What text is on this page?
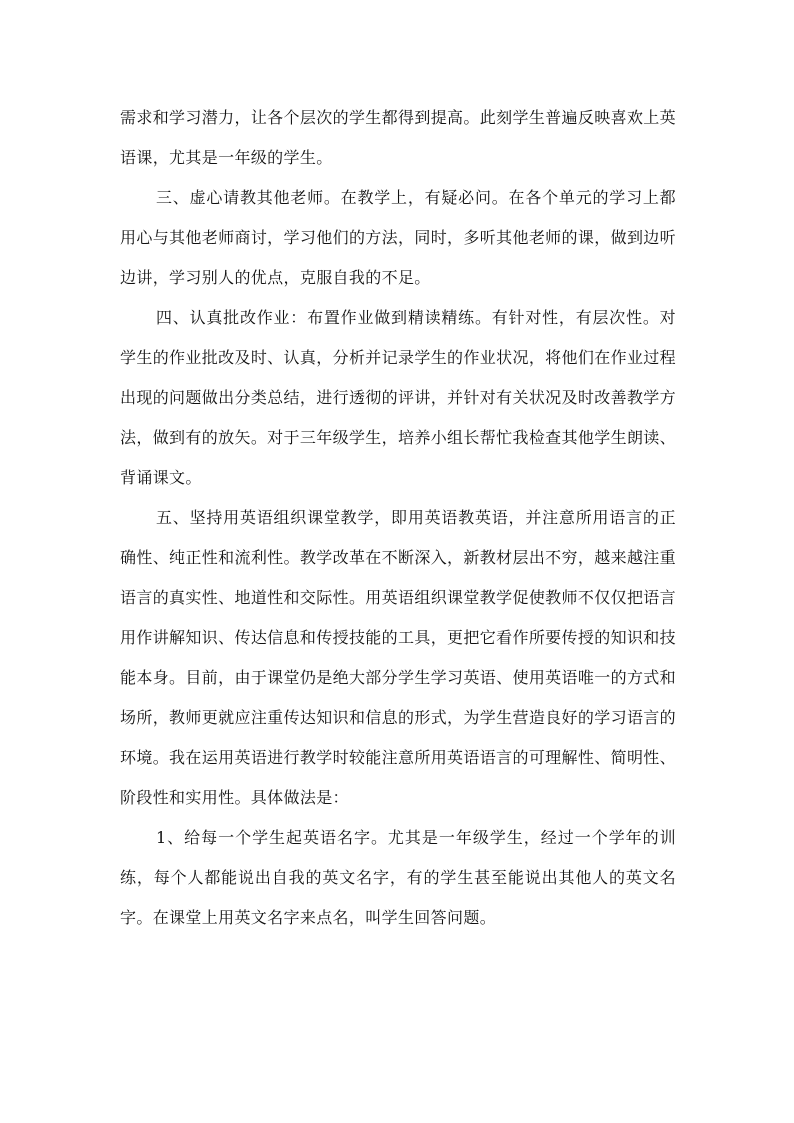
需求和学习潜力，让各个层次的学生都得到提高。此刻学生普遍反映喜欢上英语课，尤其是一年级的学生。

三、虚心请教其他老师。在教学上，有疑必问。在各个单元的学习上都用心与其他老师商讨，学习他们的方法，同时，多听其他老师的课，做到边听边讲，学习别人的优点，克服自我的不足。

四、认真批改作业：布置作业做到精读精练。有针对性，有层次性。对学生的作业批改及时、认真，分析并记录学生的作业状况，将他们在作业过程出现的问题做出分类总结，进行透彻的评讲，并针对有关状况及时改善教学方法，做到有的放矢。对于三年级学生，培养小组长帮忙我检查其他学生朗读、背诵课文。

五、坚持用英语组织课堂教学，即用英语教英语，并注意所用语言的正确性、纯正性和流利性。教学改革在不断深入，新教材层出不穷，越来越注重语言的真实性、地道性和交际性。用英语组织课堂教学促使教师不仅仅把语言用作讲解知识、传达信息和传授技能的工具，更把它看作所要传授的知识和技能本身。目前，由于课堂仍是绝大部分学生学习英语、使用英语唯一的方式和场所，教师更就应注重传达知识和信息的形式，为学生营造良好的学习语言的环境。我在运用英语进行教学时较能注意所用英语语言的可理解性、简明性、阶段性和实用性。具体做法是：

1、给每一个学生起英语名字。尤其是一年级学生，经过一个学年的训练，每个人都能说出自我的英文名字，有的学生甚至能说出其他人的英文名字。在课堂上用英文名字来点名，叫学生回答问题。
